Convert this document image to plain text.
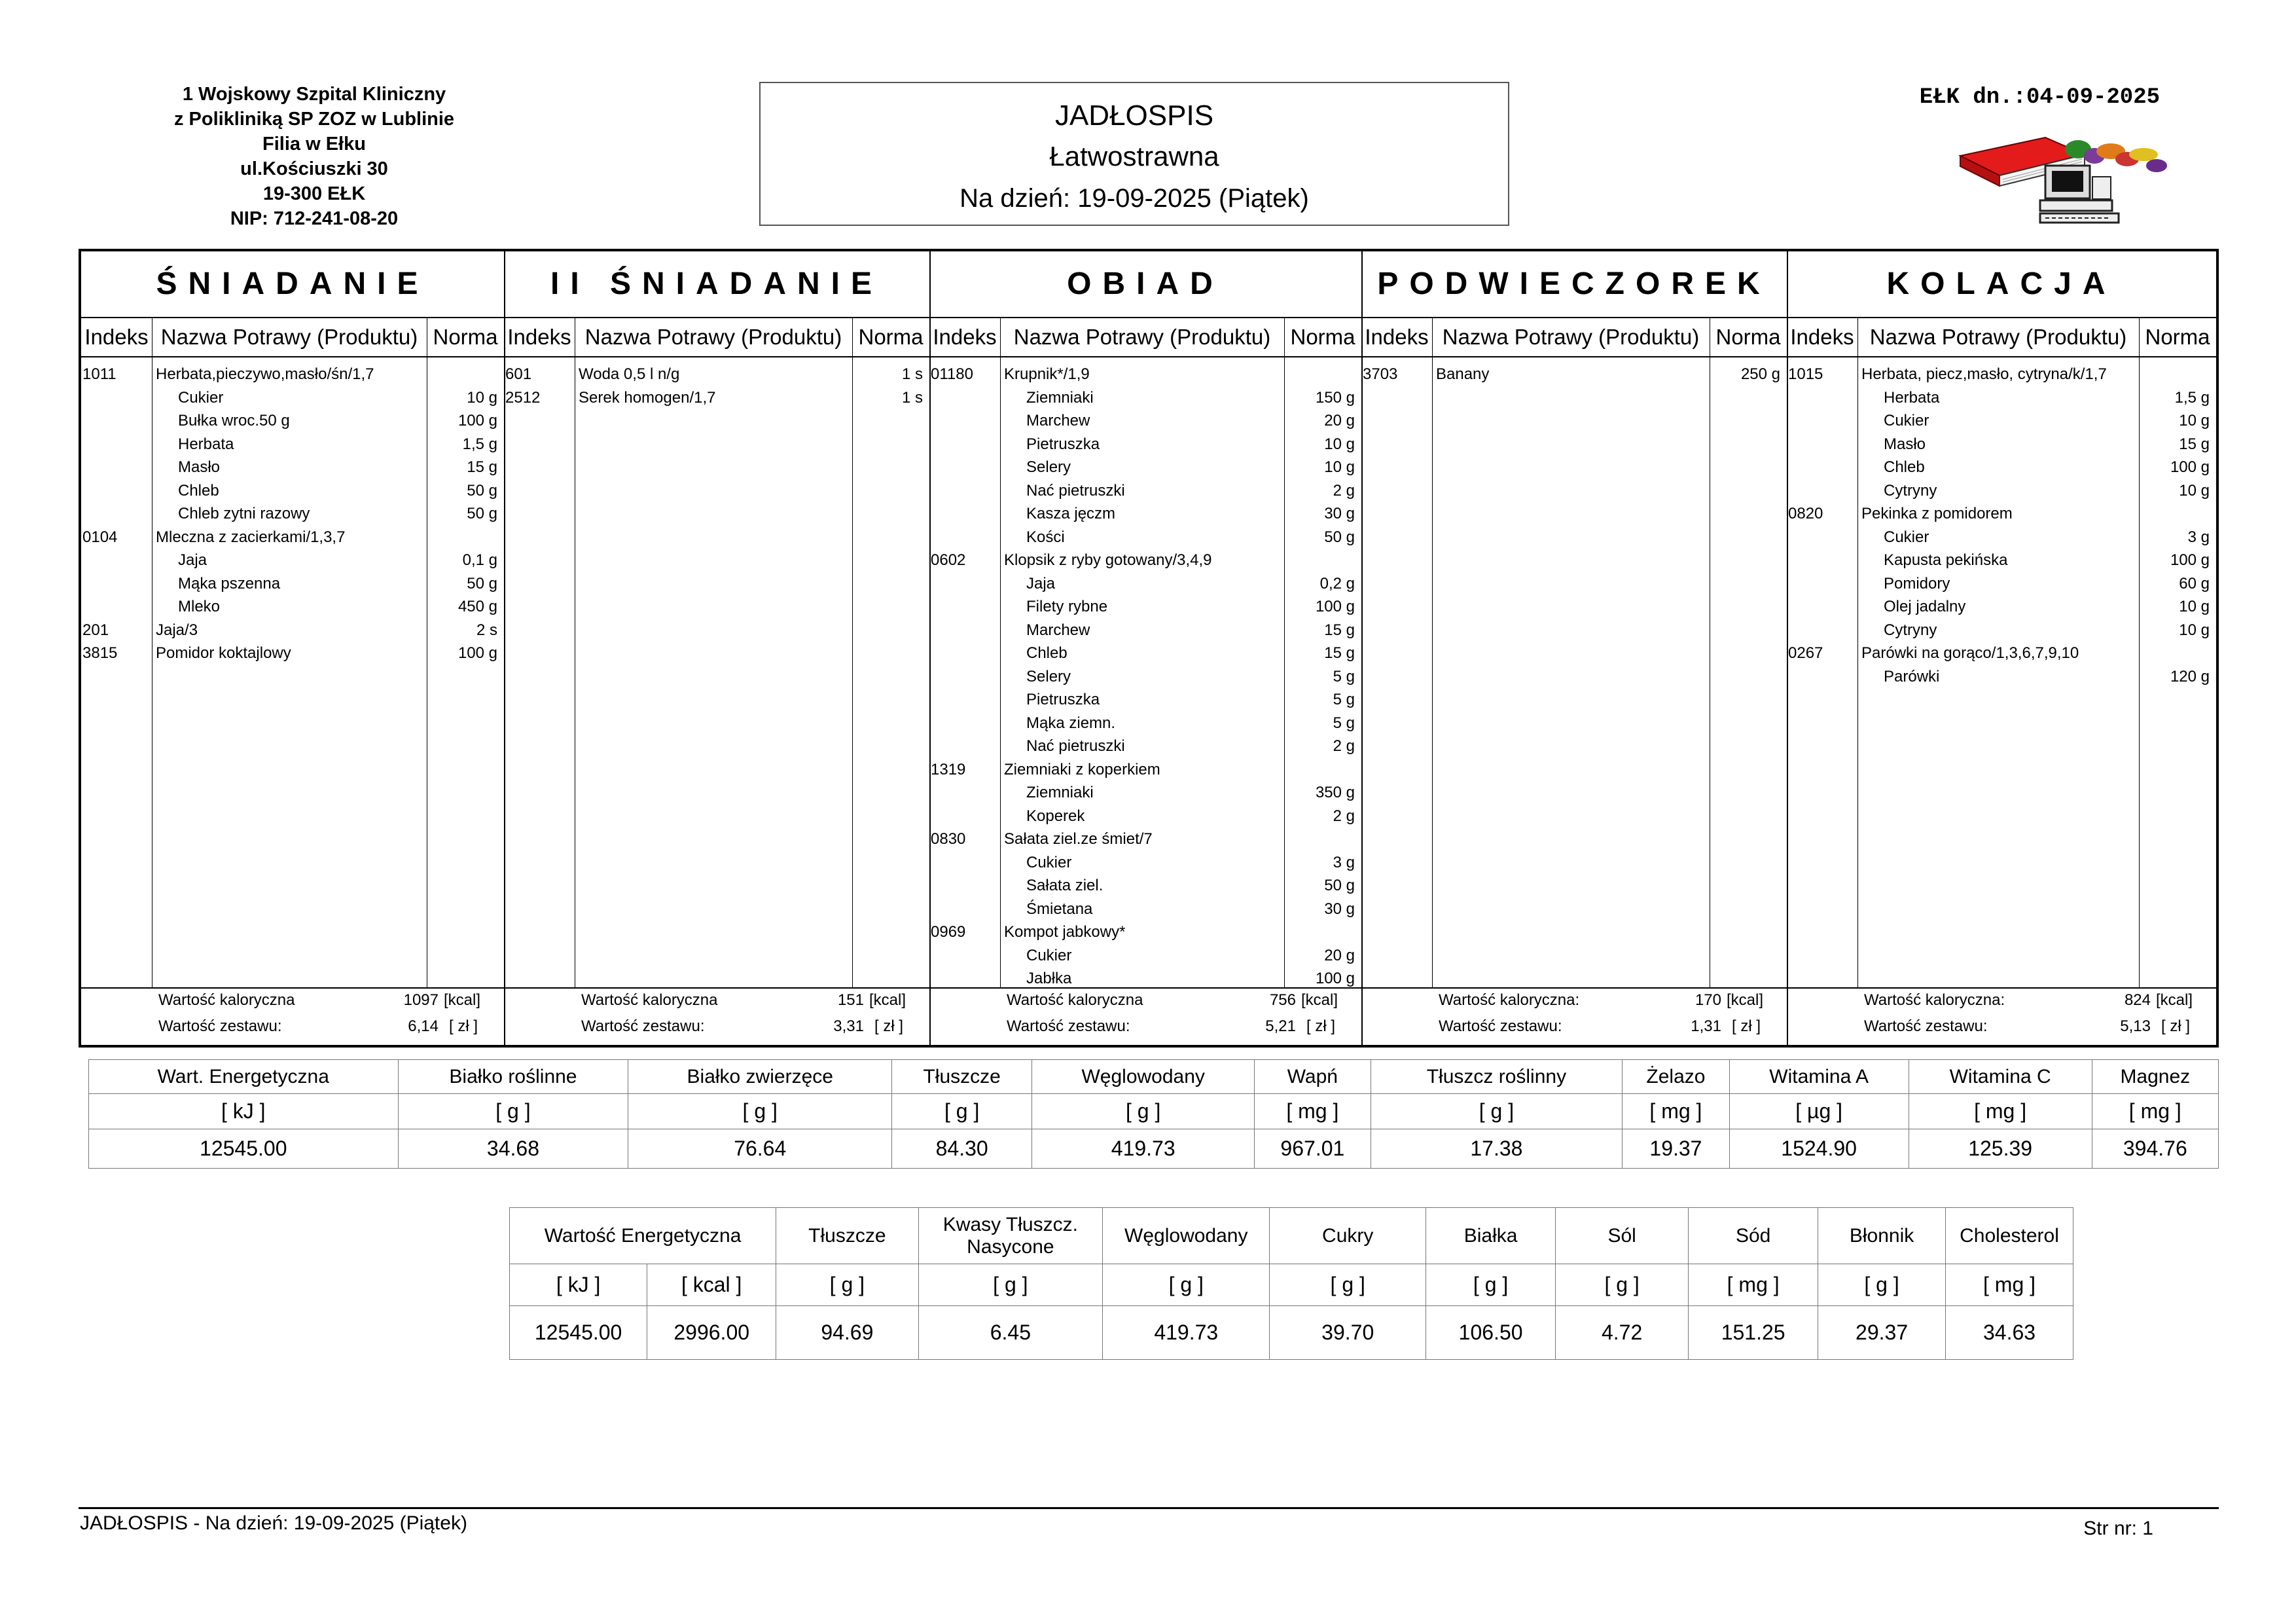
1 Wojskowy Szpital Kliniczny
z Polikliniką SP ZOZ w Lublinie
Filia w Ełku
ul.Kościuszki 30
19-300 EŁK
NIP: 712-241-08-20
JADŁOSPIS
Łatwostrawna
Na dzień: 19-09-2025 (Piątek)
EŁK dn.:04-09-2025
ŚNIADANIE
Indeks Nazwa Potrawy (Produktu) Norma
1011	Herbata,pieczywo,masło/śn/1,7
Cukier	10 g
Bułka wroc.50 g	100 g
Herbata	1,5 g
Masło	15 g
Chleb	50 g
Chleb zytni razowy	50 g
0104	Mleczna z zacierkami/1,3,7
Jaja	0,1 g
Mąka pszenna	50 g
Mleko	450 g
201	Jaja/3	2 s
3815	Pomidor koktajlowy	100 g
Wartość kaloryczna	1097 [kcal]
Wartość zestawu:	6,14 [ zł ]
II ŚNIADANIE
Indeks Nazwa Potrawy (Produktu) Norma
601	Woda 0,5 l n/g	1 s
2512	Serek homogen/1,7	1 s
Wartość kaloryczna	151 [kcal]
Wartość zestawu:	3,31 [ zł ]
OBIAD
Indeks Nazwa Potrawy (Produktu) Norma
01180	Krupnik*/1,9
Ziemniaki	150 g
Marchew	20 g
Pietruszka	10 g
Selery	10 g
Nać pietruszki	2 g
Kasza jęczm	30 g
Kości	50 g
0602	Klopsik z ryby gotowany/3,4,9
Jaja	0,2 g
Filety rybne	100 g
Marchew	15 g
Chleb	15 g
Selery	5 g
Pietruszka	5 g
Mąka ziemn.	5 g
Nać pietruszki	2 g
1319	Ziemniaki z koperkiem
Ziemniaki	350 g
Koperek	2 g
0830	Sałata ziel.ze śmiet/7
Cukier	3 g
Sałata ziel.	50 g
Śmietana	30 g
0969	Kompot jabkowy*
Cukier	20 g
Jabłka	100 g
Wartość kaloryczna	756 [kcal]
Wartość zestawu:	5,21 [ zł ]
PODWIECZOREK
Indeks Nazwa Potrawy (Produktu) Norma
3703	Banany	250 g
Wartość kaloryczna:	170 [kcal]
Wartość zestawu:	1,31 [ zł ]
KOLACJA
Indeks Nazwa Potrawy (Produktu) Norma
1015	Herbata, piecz,masło, cytryna/k/1,7
Herbata	1,5 g
Cukier	10 g
Masło	15 g
Chleb	100 g
Cytryny	10 g
0820	Pekinka z pomidorem
Cukier	3 g
Kapusta pekińska	100 g
Pomidory	60 g
Olej jadalny	10 g
Cytryny	10 g
0267	Parówki na gorąco/1,3,6,7,9,10
Parówki	120 g
Wartość kaloryczna:	824 [kcal]
Wartość zestawu:	5,13 [ zł ]
Wart. Energetyczna	Białko roślinne	Białko zwierzęce	Tłuszcze	Węglowodany	Wapń	Tłuszcz roślinny	Żelazo	Witamina A	Witamina C	Magnez
[ kJ ]	[ g ]	[ g ]	[ g ]	[ g ]	[ mg ]	[ g ]	[ mg ]	[ µg ]	[ mg ]	[ mg ]
12545.00	34.68	76.64	84.30	419.73	967.01	17.38	19.37	1524.90	125.39	394.76
Wartość Energetyczna		Tłuszcze	Kwasy Tłuszcz. Nasycone	Węglowodany	Cukry	Białka	Sól	Sód	Błonnik	Cholesterol
[ kJ ]	[ kcal ]	[ g ]	[ g ]	[ g ]	[ g ]	[ g ]	[ g ]	[ mg ]	[ g ]	[ mg ]
12545.00	2996.00	94.69	6.45	419.73	39.70	106.50	4.72	151.25	29.37	34.63
JADŁOSPIS - Na dzień: 19-09-2025 (Piątek)	Str nr: 1
